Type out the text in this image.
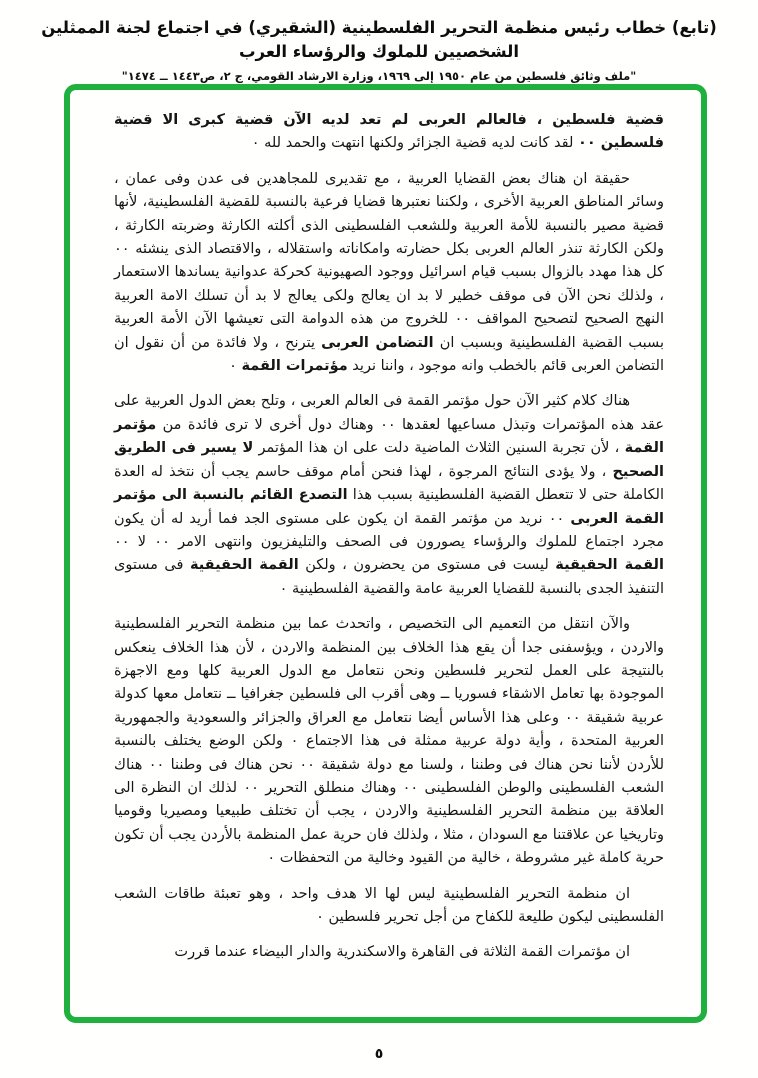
(تابع) خطاب رئيس منظمة التحرير الفلسطينية (الشقيري) في اجتماع لجنة الممثلين الشخصيين للملوك والرؤساء العرب
"ملف وثائق فلسطين من عام ١٩٥٠ إلى ١٩٦٩، وزارة الارشاد القومي، ج ٢، ص١٤٤٣ ــ ١٤٧٤"

قضية فلسطين ، فالعالم العربى لم تعد لديه الآن قضية كبرى الا قضية فلسطين ٠٠ لقد كانت لديه قضية الجزائر ولكنها انتهت والحمد لله ٠

حقيقة ان هناك بعض القضايا العربية ، مع تقديرى للمجاهدين فى عدن وفى عمان ، وسائر المناطق العربية الأخرى ، ولكننا نعتبرها قضايا فرعية بالنسبة للقضية الفلسطينية، لأنها قضية مصير بالنسبة للأمة العربية وللشعب الفلسطينى الذى أكلته الكارثة وضربته الكارثة ، ولكن الكارثة تنذر العالم العربى بكل حضارته وامكاناته واستقلاله ، والاقتصاد الذى ينشئه ٠٠ كل هذا مهدد بالزوال بسبب قيام اسرائيل ووجود الصهيونية كحركة عدوانية يساندها الاستعمار ، ولذلك نحن الآن فى موقف خطير لا بد ان يعالج ولكى يعالج لا بد أن تسلك الامة العربية النهج الصحيح لتصحيح المواقف ٠٠ للخروج من هذه الدوامة التى تعيشها الآن الأمة العربية بسبب القضية الفلسطينية وبسبب ان التضامن العربى يترنح ، ولا فائدة من أن نقول ان التضامن العربى قائم بالخطب وانه موجود ، واننا نريد مؤتمرات القمة ٠

هناك كلام كثير الآن حول مؤتمر القمة فى العالم العربى ، وتلح بعض الدول العربية على عقد هذه المؤتمرات وتبذل مساعيها لعقدها ٠٠ وهناك دول أخرى لا ترى فائدة من مؤتمر القمة ، لأن تجربة السنين الثلاث الماضية دلت على ان هذا المؤتمر لا يسير فى الطريق الصحيح ، ولا يؤدى النتائج المرجوة ، لهذا فنحن أمام موقف حاسم يجب أن نتخذ له العدة الكاملة حتى لا تتعطل القضية الفلسطينية بسبب هذا التصدع القائم بالنسبة الى مؤتمر القمة العربى ٠٠ نريد من مؤتمر القمة ان يكون على مستوى الجد فما أريد له أن يكون مجرد اجتماع للملوك والرؤساء يصورون فى الصحف والتليفزيون وانتهى الامر ٠٠ لا ٠٠ القمة الحقيقية ليست فى مستوى من يحضرون ، ولكن القمة الحقيقية فى مستوى التنفيذ الجدى بالنسبة للقضايا العربية عامة والقضية الفلسطينية ٠

والآن انتقل من التعميم الى التخصيص ، واتحدث عما بين منظمة التحرير الفلسطينية والاردن ، ويؤسفنى جدا أن يقع هذا الخلاف بين المنظمة والاردن ، لأن هذا الخلاف ينعكس بالنتيجة على العمل لتحرير فلسطين ونحن نتعامل مع الدول العربية كلها ومع الاجهزة الموجودة بها تعامل الاشقاء فسوريا ــ وهى أقرب الى فلسطين جغرافيا ــ نتعامل معها كدولة عربية شقيقة ٠٠ وعلى هذا الأساس أيضا نتعامل مع العراق والجزائر والسعودية والجمهورية العربية المتحدة ، وأية دولة عربية ممثلة فى هذا الاجتماع ٠ ولكن الوضع يختلف بالنسبة للأردن لأننا نحن هناك فى وطننا ، ولسنا مع دولة شقيقة ٠٠ نحن هناك فى وطننا ٠٠ هناك الشعب الفلسطينى والوطن الفلسطينى ٠٠ وهناك منطلق التحرير ٠٠ لذلك ان النظرة الى العلاقة بين منظمة التحرير الفلسطينية والاردن ، يجب أن تختلف طبيعيا ومصيريا وقوميا وتاريخيا عن علاقتنا مع السودان ، مثلا ، ولذلك فان حرية عمل المنظمة بالأردن يجب أن تكون حرية كاملة غير مشروطة ، خالية من القيود وخالية من التحفظات ٠

ان منظمة التحرير الفلسطينية ليس لها الا هدف واحد ، وهو تعبئة طاقات الشعب الفلسطينى ليكون طليعة للكفاح من أجل تحرير فلسطين ٠

ان مؤتمرات القمة الثلاثة فى القاهرة والاسكندرية والدار البيضاء عندما قررت

٥
